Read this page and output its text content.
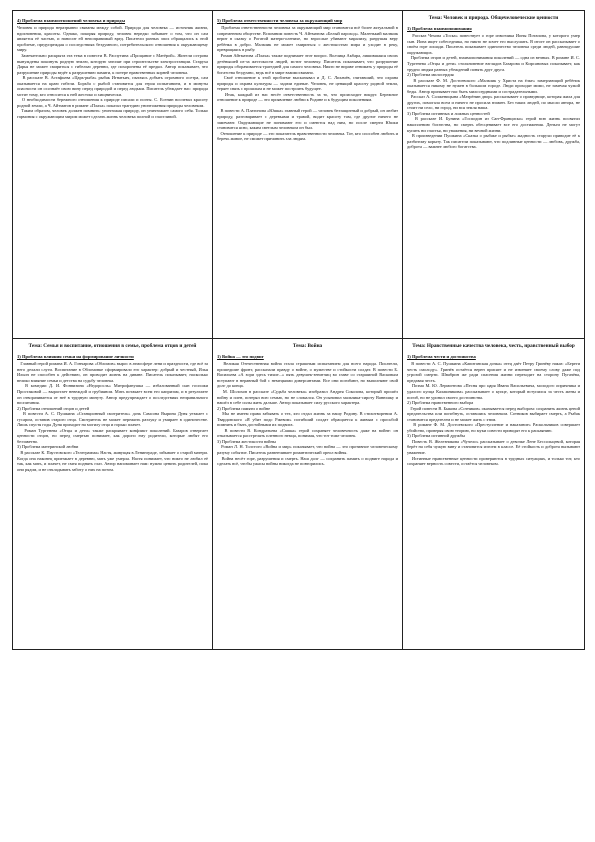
4) Проблема взаимоотношений человека и природы
Человек и природа неразрывно связаны между собой. Природа для человека — источник жизни, вдохновения, красоты. Однако, покоряя природу, человек нередко забывает о том, что он сам является её частью, и наносит ей непоправимый вред. Писатели разных эпох обращались к этой проблеме, предупреждая о последствиях бездумного, потребительского отношения к окружающему миру.
Замечательно раскрыта эта тема в повести В. Распутина «Прощание с Матёрой». Жители острова вынуждены покинуть родную землю, которую затопят при строительстве электростанции. Старуха Дарья не может смириться с гибелью деревни, где похоронены её предки. Автор показывает, что разрушение природы ведёт к разрушению памяти, к потере нравственных корней человека.
В рассказе В. Астафьева «Царь-рыба» рыбак Игнатьич, пытаясь добыть огромного осетра, сам оказывается на краю гибели. Борьба с рыбой становится для героя испытанием, и в минуты опасности он осознаёт свою вину перед природой и перед людьми. Писатель убеждает нас: природа мстит тому, кто относится к ней жестоко и хищнически.
О необходимости бережного отношения к природе писали и поэты. С. Есенин воспевал красоту родной земли, а Ч. Айтматов в романе «Плаха» показал трагедию уничтожения природы человеком.
Таким образом, человек должен помнить: уничтожая природу, он уничтожает самого себя. Только гармония с окружающим миром может сделать жизнь человека полной и счастливой.
5) Проблема ответственности человека за окружающий мир
Проблема ответственности человека за окружающий мир становится всё более актуальной в современном обществе. Вспомним повесть Ч. Айтматова «Белый пароход». Маленький мальчик верит в сказку о Рогатой матери-оленихе, но взрослые убивают маралиху, разрушая веру ребёнка в добро. Мальчик не может смириться с жестокостью мира и уходит в реку, превращаясь в рыбу.
Роман Айтматова «Плаха» также поднимает этот вопрос. Волчица Акбара, лишившаяся своих детёнышей из-за жестокости людей, мстит человеку. Писатель показывает, что разрушение природы оборачивается трагедией для самого человека. Никто не вправе отнимать у природы её богатства бездумно, ведь всё в мире взаимосвязано.
Своё отношение к этой проблеме высказывал и Д. С. Лихачёв, считавший, что охрана природы и охрана культуры — задачи единые. Человек, не ценящий красоту родной земли, теряет связь с прошлым и не может построить будущее.
Итак, каждый из нас несёт ответственность за то, что происходит вокруг. Бережное отношение к природе — это проявление любви к Родине и к будущим поколениям.

В повести А. Платонова «Юшка» главный герой — человек беззащитный и добрый, он любит природу, разговаривает с деревьями и травой, видит красоту там, где другие ничего не замечают. Окружающие не понимают его и смеются над ним, но после смерти Юшки становится ясно, каким светлым человеком он был.
Отношение к природе — это показатель нравственности человека. Тот, кто способен любить и беречь живое, не сможет причинить зла людям.
Тема: Человек и природа. Общечеловеческие ценности
1) Проблема взаимопонимания
Рассказ Чехова «Тоска» повествует о горе извозчика Ионы Потапова, у которого умер сын. Иона ищет собеседника, но никто не хочет его выслушать. В итоге он рассказывает о своём горе лошади. Писатель показывает одиночество человека среди людей, равнодушие окружающих.
Проблема отцов и детей, взаимопонимания поколений — одна из вечных. В романе И. С. Тургенева «Отцы и дети» столкновение взглядов Базарова и Кирсановых показывает, как трудно людям разных убеждений понять друг друга.
2) Проблема милосердия
В рассказе Ф. М. Достоевского «Мальчик у Христа на ёлке» замерзающий ребёнок оказывается никому не нужен в большом городе. Люди проходят мимо, не замечая чужой беды. Автор призывает нас быть милосердными и сострадательными.
Рассказ А. Солженицына «Матрёнин двор» рассказывает о праведнице, которая жила для других, помогала всем и ничего не просила взамен. Без таких людей, по мысли автора, не стоит ни село, ни город, ни вся земля наша.
3) Проблема истинных и ложных ценностей
В рассказе И. Бунина «Господин из Сан-Франциско» герой всю жизнь посвятил накоплению богатства, но смерть обесценивает все его достижения. Деньги не могут купить ни счастья, ни уважения, ни вечной жизни.
В произведении Пушкина «Сказка о рыбаке и рыбке» жадность старухи приводит её к разбитому корыту. Так писатели показывают, что подлинные ценности — любовь, дружба, доброта — важнее любого богатства.
Тема: Семья и воспитание, отношения в семье, проблема отцов и детей
1) Проблема влияния семьи на формирование личности
Главный герой романа И. А. Гончарова «Обломов» вырос в атмосфере лени и праздности, где всё за него делали слуги. Воспитание в Обломовке сформировало его характер: добрый и честный, Илья Ильич не способен к действию, он проводит жизнь на диване. Писатель показывает, насколько велико влияние семьи и детства на судьбу человека.
В комедии Д. И. Фонвизина «Недоросль» Митрофанушка — избалованный сын госпожи Простаковой — вырастает невеждой и грубияном. Мать потакает всем его капризам, и в результате он отворачивается от неё в трудную минуту. Автор предупреждает о последствиях неправильного воспитания.
2) Проблема отношений отцов и детей
В повести А. С. Пушкина «Станционный смотритель» дочь Самсона Вырина Дуня уезжает с гусаром, оставив старого отца. Смотритель не может пережить разлуку и умирает в одиночестве. Лишь спустя годы Дуня приходит на могилу отца и горько плачет.
Роман Тургенева «Отцы и дети» также раскрывает конфликт поколений. Базаров отвергает ценности отцов, но перед смертью понимает, как дороги ему родители, которые любят его беззаветно.
3) Проблема материнской любви
В рассказе К. Паустовского «Телеграмма» Настя, живущая в Ленинграде, забывает о старой матери. Когда она наконец приезжает в деревню, мать уже умерла. Настя понимает, что никто не любил её так, как мать, и плачет, не смея поднять глаз. Автор напоминает нам: нужно ценить родителей, пока они рядом, и не откладывать заботу о них на потом.
Тема: Война
1) Война — это подвиг
Великая Отечественная война стала страшным испытанием для всего народа. Писатели, прошедшие фронт, рассказали правду о войне, о мужестве и стойкости солдат. В повести Б. Васильева «А зори здесь тихие...» пять девушек-зенитчиц во главе со старшиной Васковым вступают в неравный бой с немецкими диверсантами. Все они погибают, но выполняют свой долг до конца.
М. Шолохов в рассказе «Судьба человека» изобразил Андрея Соколова, который прошёл войну и плен, потерял всю семью, но не сломался. Он усыновил мальчика-сироту Ванюшку и нашёл в себе силы жить дальше. Автор показывает силу русского характера.
2) Проблема памяти о войне
Мы не имеем права забывать о тех, кто отдал жизнь за нашу Родину. В стихотворении А. Твардовского «Я убит подо Ржевом» погибший солдат обращается к живым с просьбой помнить и быть достойными их подвига.
В повести В. Кондратьева «Сашка» герой сохраняет человечность даже на войне: он отказывается расстрелять пленного немца, понимая, что тот тоже человек.
3) Проблема жестокости войны
Роман Л. Н. Толстого «Война и мир» показывает, что война — это противное человеческому разуму событие. Писатель развенчивает романтический ореол войны.
Война несёт горе, разрушения и смерть. Наш долг — сохранить память о подвиге народа и сделать всё, чтобы ужасы войны никогда не повторились.
Тема: Нравственные качества человека, честь, нравственный выбор
1) Проблема чести и достоинства
В повести А. С. Пушкина «Капитанская дочка» отец даёт Петру Гринёву наказ: «Береги честь смолоду». Гринёв остаётся верен присяге и не изменяет своему слову даже под угрозой смерти. Швабрин же ради спасения жизни переходит на сторону Пугачёва, предавая честь.
Поэма М. Ю. Лермонтова «Песня про царя Ивана Васильевича, молодого опричника и удалого купца Калашникова» рассказывает о купце, который вступился за честь жены и погиб, но не уронил своего достоинства.
2) Проблема нравственного выбора
Герой повести В. Быкова «Сотников» оказывается перед выбором: сохранить жизнь ценой предательства или погибнуть, оставшись человеком. Сотников выбирает смерть, а Рыбак становится предателем и не может жить с этим.
В романе Ф. М. Достоевского «Преступление и наказание» Раскольников совершает убийство, проверяя свою теорию, но муки совести приводят его к раскаянию.
3) Проблема истинной дружбы
Повесть В. Железникова «Чучело» рассказывает о девочке Лене Бессольцевой, которая берёт на себя чужую вину и становится изгоем в классе. Её стойкость и доброта вызывают уважение.
Истинные нравственные ценности проверяются в трудных ситуациях, и только тот, кто сохраняет верность совести, остаётся человеком.
